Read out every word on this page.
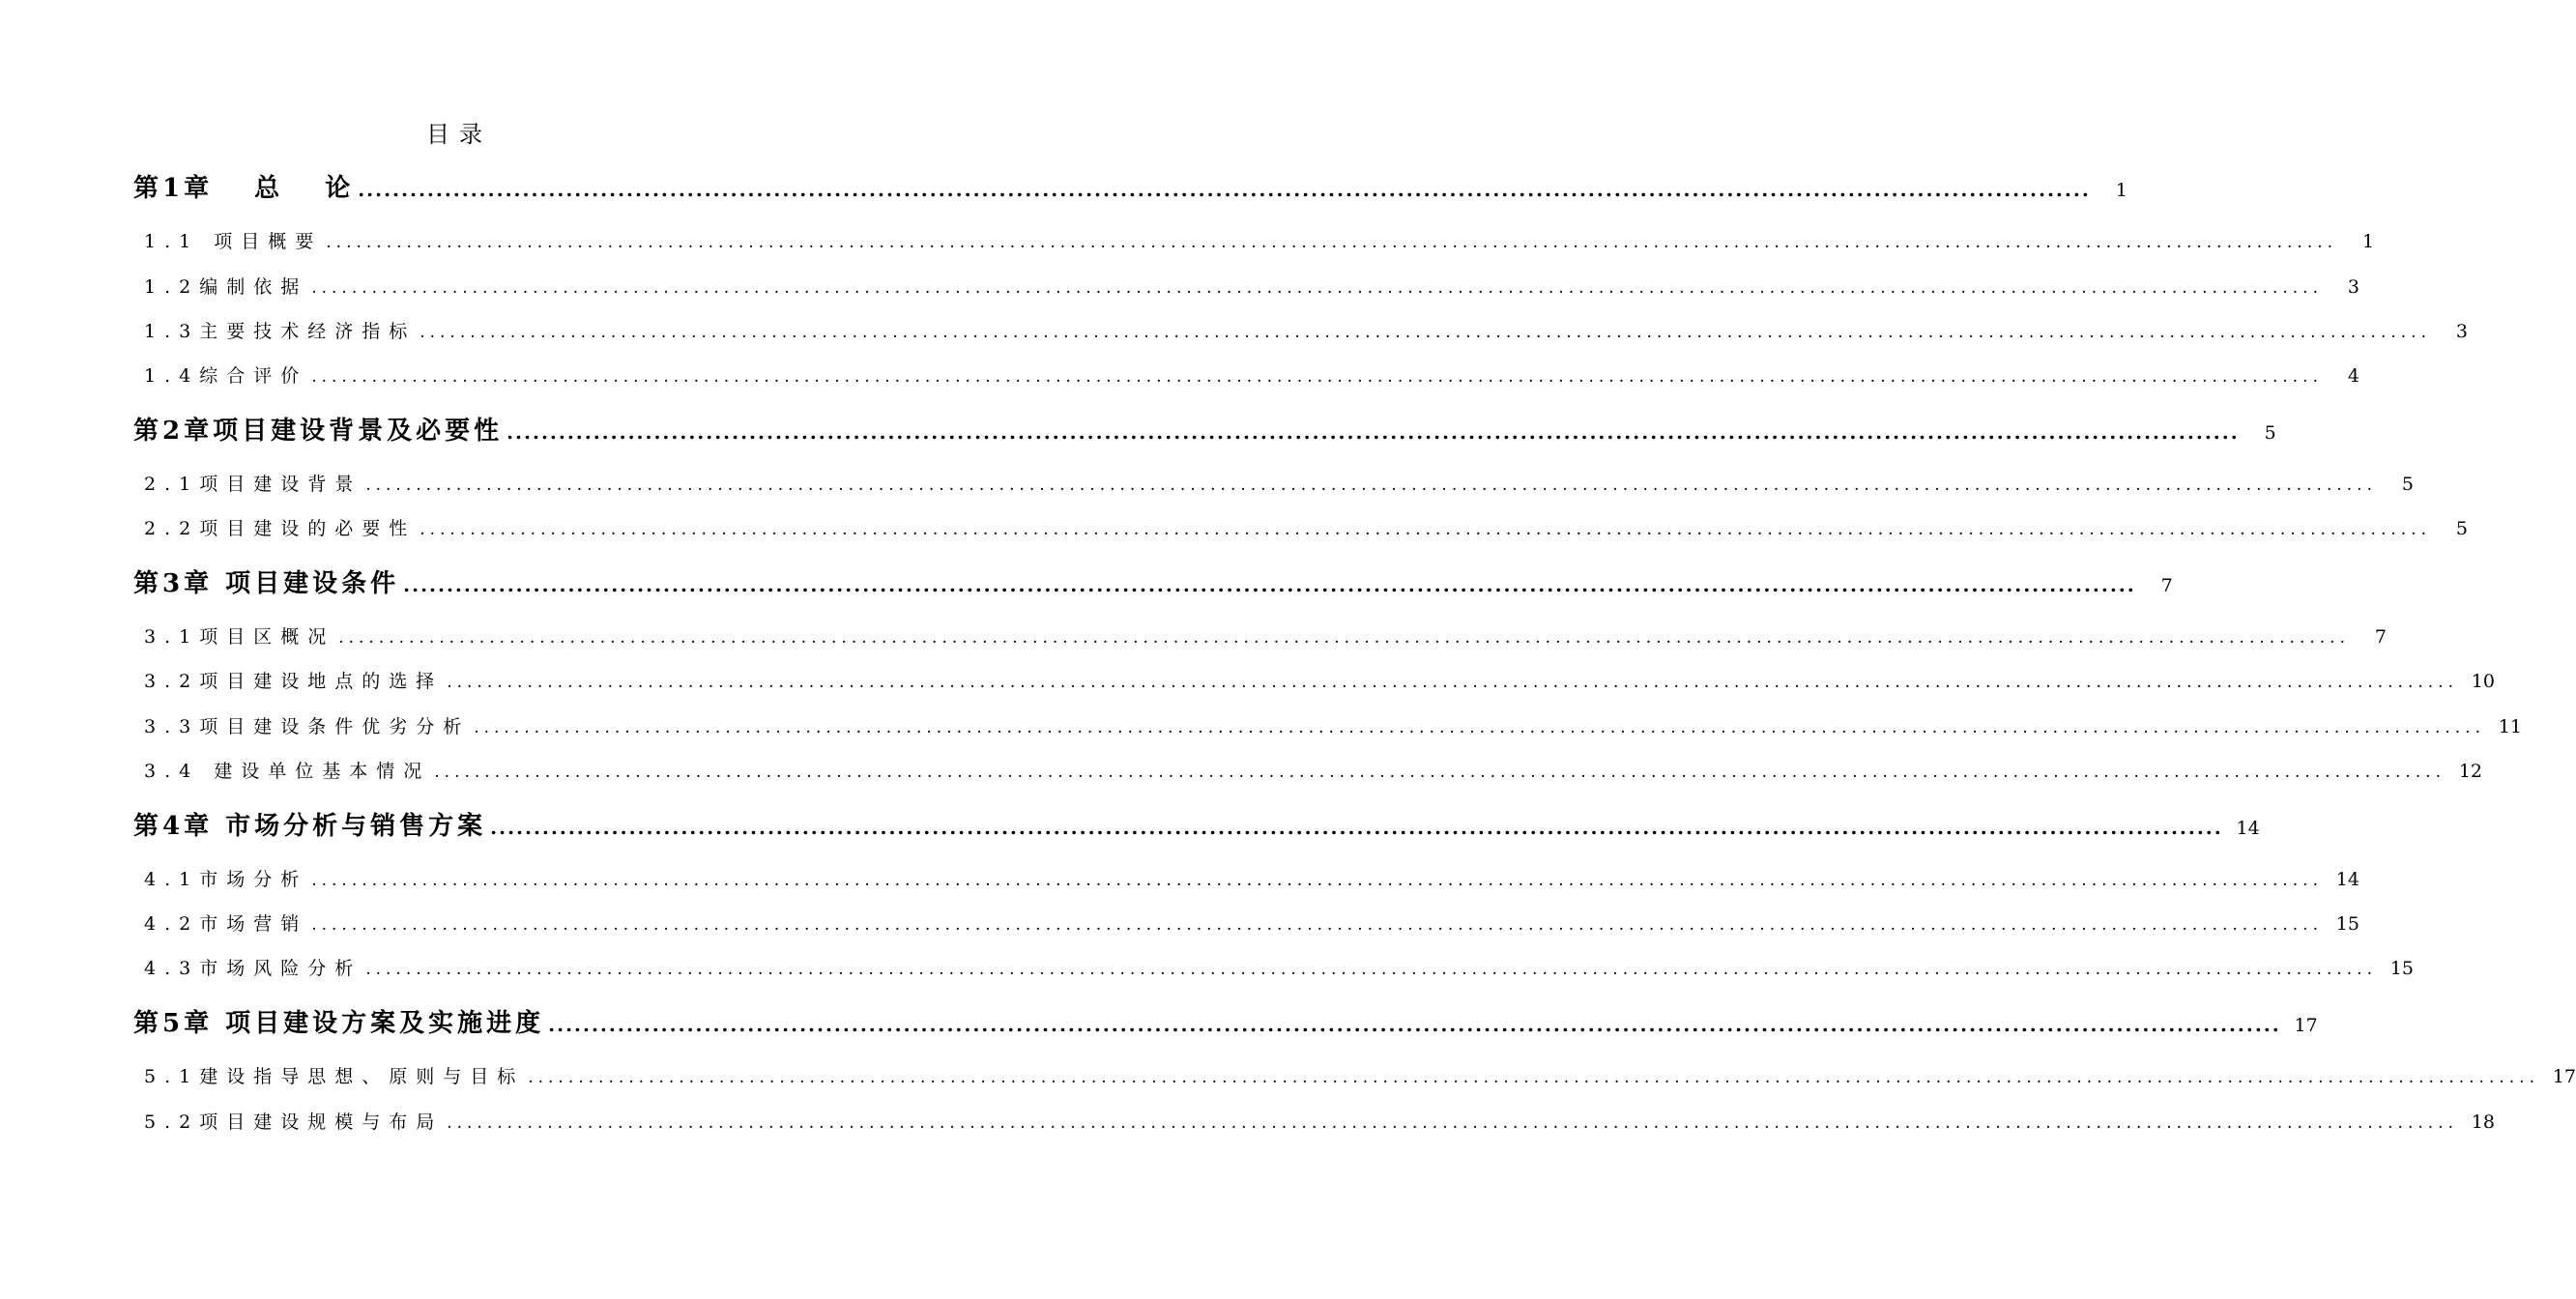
目录
第1章　 总　 论 ........................................................................................................................................................................................................	1
1.1 项目概要 ........................................................................................................................................................................................................	1
1.2编制依据 ........................................................................................................................................................................................................	3
1.3主要技术经济指标 ........................................................................................................................................................................................................	3
1.4综合评价 ........................................................................................................................................................................................................	4
第2章项目建设背景及必要性 ........................................................................................................................................................................................................	5
2.1项目建设背景 ........................................................................................................................................................................................................	5
2.2项目建设的必要性 ........................................................................................................................................................................................................	5
第3章 项目建设条件 ........................................................................................................................................................................................................	7
3.1项目区概况 ........................................................................................................................................................................................................	7
3.2项目建设地点的选择 ........................................................................................................................................................................................................ 10
3.3项目建设条件优劣分析 ........................................................................................................................................................................................................ 11
3.4 建设单位基本情况 ........................................................................................................................................................................................................ 12
第4章 市场分析与销售方案 ........................................................................................................................................................................................................ 14
4.1市场分析 ........................................................................................................................................................................................................ 14
4.2市场营销 ........................................................................................................................................................................................................ 15
4.3市场风险分析 ........................................................................................................................................................................................................ 15
第5章 项目建设方案及实施进度 ........................................................................................................................................................................................................ 17
5.1建设指导思想、原则与目标 ........................................................................................................................................................................................................ 17
5.2项目建设规模与布局 ........................................................................................................................................................................................................ 18
